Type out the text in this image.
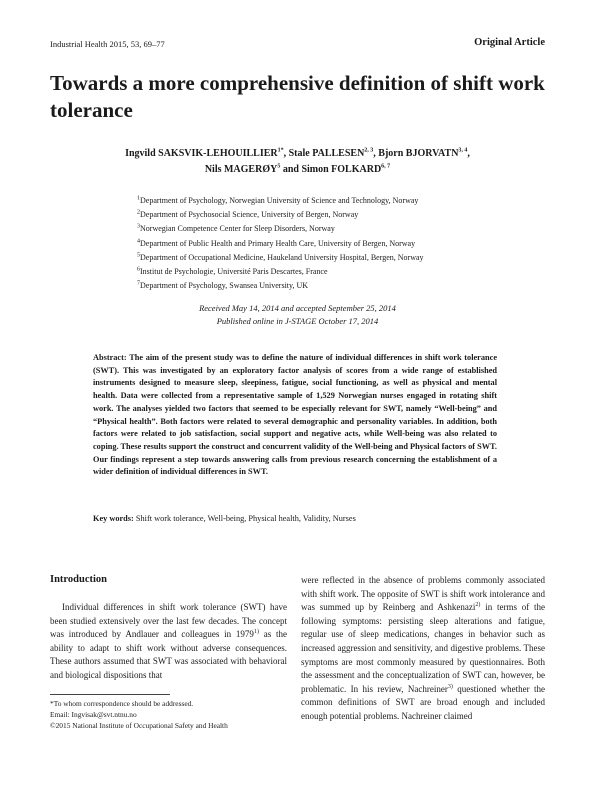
Industrial Health 2015, 53, 69–77	Original Article
Towards a more comprehensive definition of shift work tolerance
Ingvild SAKSVIK-$LEHOUILLIER^{1*}$, Stale PALLESEN$^{2, 3}$, Bjorn BJORVATN$^{3, 4}$,
Nils MAGERØY$^5$ and Simon FOLKARD$^{6, 7}$
$^1$Department of Psychology, Norwegian University of Science and Technology, Norway
$^2$Department of Psychosocial Science, University of Bergen, Norway
$^3$Norwegian Competence Center for Sleep Disorders, Norway
$^4$Department of Public Health and Primary Health Care, University of Bergen, Norway
$^5$Department of Occupational Medicine, Haukeland University Hospital, Bergen, Norway
$^6$Institut de Psychologie, Université Paris Descartes, France
$^7$Department of Psychology, Swansea University, UK
Received May 14, 2014 and accepted September 25, 2014
Published online in J-STAGE October 17, 2014
Abstract: The aim of the present study was to define the nature of individual differences in shift work tolerance (SWT). This was investigated by an exploratory factor analysis of scores from a wide range of established instruments designed to measure sleep, sleepiness, fatigue, social functioning, as well as physical and mental health. Data were collected from a representative sample of 1,529 Norwegian nurses engaged in rotating shift work. The analyses yielded two factors that seemed to be especially relevant for SWT, namely “Well-being” and “Physical health”. Both factors were related to several demographic and personality variables. In addition, both factors were related to job satisfaction, social support and negative acts, while Well-being was also related to coping. These results support the construct and concurrent validity of the Well-being and Physical factors of SWT. Our findings represent a step towards answering calls from previous research concerning the establishment of a wider definition of individual differences in SWT.
Key words: Shift work tolerance, Well-being, Physical health, Validity, Nurses
Introduction
Individual differences in shift work tolerance (SWT) have been studied extensively over the last few decades. The concept was introduced by Andlauer and colleagues in 1979$^{1)}$ as the ability to adapt to shift work without adverse consequences. These authors assumed that SWT was associated with behavioral and biological dispositions that
were reflected in the absence of problems commonly associated with shift work. The opposite of SWT is shift work intolerance and was summed up by Reinberg and Ashkenazi$^{2)}$ in terms of the following symptoms: persisting sleep alterations and fatigue, regular use of sleep medications, changes in behavior such as increased aggression and sensitivity, and digestive problems. These symptoms are most commonly measured by questionnaires. Both the assessment and the conceptualization of SWT can, however, be problematic. In his review, Nachreiner$^{3)}$ questioned whether the common definitions of SWT are broad enough and included enough potential problems. Nachreiner claimed
*To whom correspondence should be addressed.
Email: Ingvisak@svt.ntnu.no
©2015 National Institute of Occupational Safety and Health
